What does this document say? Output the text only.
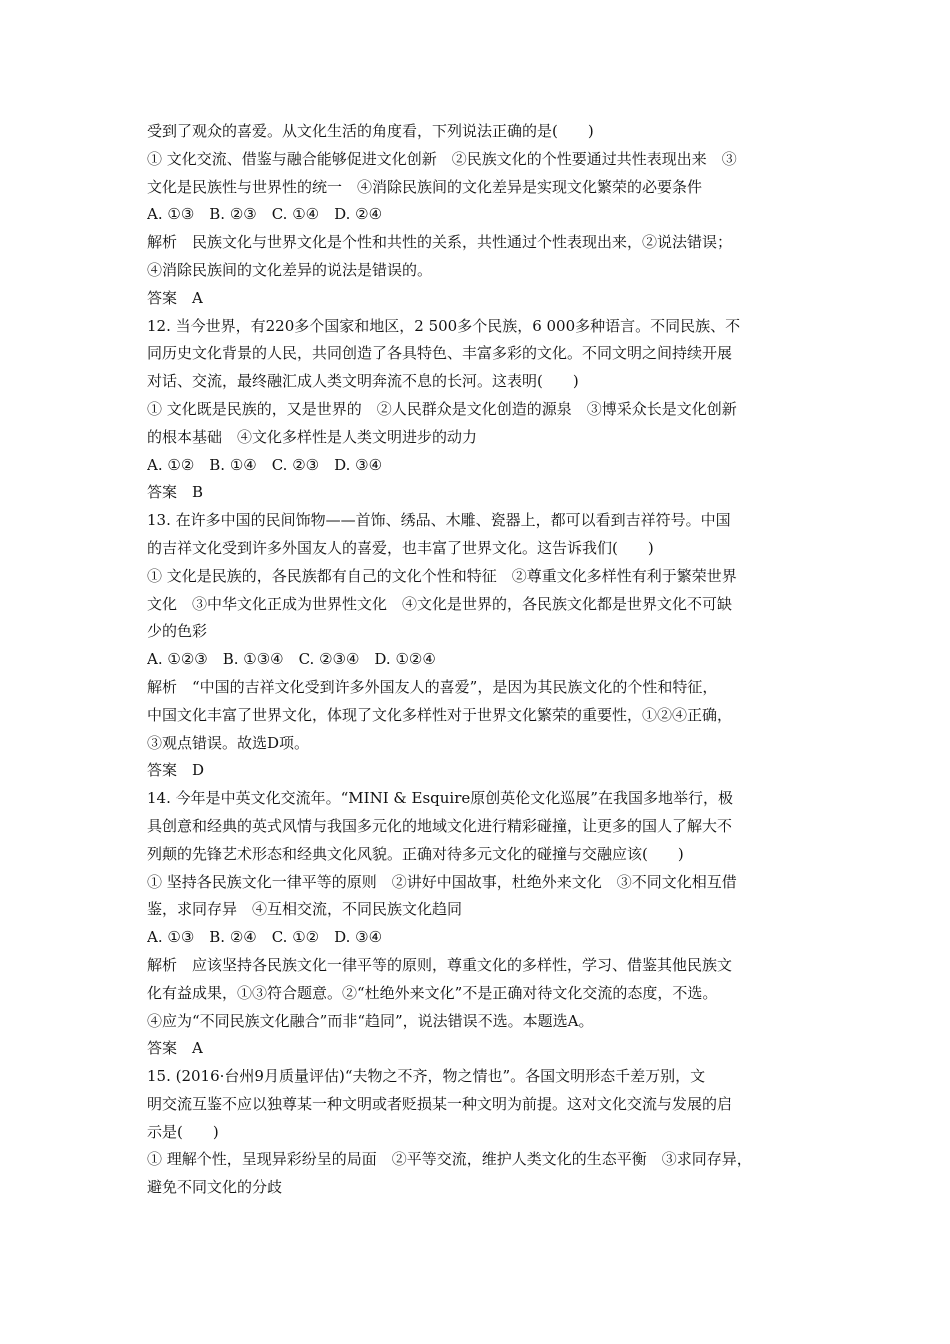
受到了观众的喜爱。从文化生活的角度看，下列说法正确的是(　　)
① 文化交流、借鉴与融合能够促进文化创新　②民族文化的个性要通过共性表现出来　③
文化是民族性与世界性的统一　④消除民族间的文化差异是实现文化繁荣的必要条件
A. ①③　B. ②③　C. ①④　D. ②④
解析　民族文化与世界文化是个性和共性的关系，共性通过个性表现出来，②说法错误；
④消除民族间的文化差异的说法是错误的。
答案　A
12. 当今世界，有220多个国家和地区，2 500多个民族，6 000多种语言。不同民族、不
同历史文化背景的人民，共同创造了各具特色、丰富多彩的文化。不同文明之间持续开展
对话、交流，最终融汇成人类文明奔流不息的长河。这表明(　　)
① 文化既是民族的，又是世界的　②人民群众是文化创造的源泉　③博采众长是文化创新
的根本基础　④文化多样性是人类文明进步的动力
A. ①②　B. ①④　C. ②③　D. ③④
答案　B
13. 在许多中国的民间饰物——首饰、绣品、木雕、瓷器上，都可以看到吉祥符号。中国
的吉祥文化受到许多外国友人的喜爱，也丰富了世界文化。这告诉我们(　　)
① 文化是民族的，各民族都有自己的文化个性和特征　②尊重文化多样性有利于繁荣世界
文化　③中华文化正成为世界性文化　④文化是世界的，各民族文化都是世界文化不可缺
少的色彩
A. ①②③　B. ①③④　C. ②③④　D. ①②④
解析　“中国的吉祥文化受到许多外国友人的喜爱”，是因为其民族文化的个性和特征，
中国文化丰富了世界文化，体现了文化多样性对于世界文化繁荣的重要性，①②④正确，
③观点错误。故选D项。
答案　D
14. 今年是中英文化交流年。“MINI & Esquire原创英伦文化巡展”在我国多地举行，极
具创意和经典的英式风情与我国多元化的地域文化进行精彩碰撞，让更多的国人了解大不
列颠的先锋艺术形态和经典文化风貌。正确对待多元文化的碰撞与交融应该(　　)
① 坚持各民族文化一律平等的原则　②讲好中国故事，杜绝外来文化　③不同文化相互借
鉴，求同存异　④互相交流，不同民族文化趋同
A. ①③　B. ②④　C. ①②　D. ③④
解析　应该坚持各民族文化一律平等的原则，尊重文化的多样性，学习、借鉴其他民族文
化有益成果，①③符合题意。②“杜绝外来文化”不是正确对待文化交流的态度，不选。
④应为“不同民族文化融合”而非“趋同”，说法错误不选。本题选A。
答案　A
15. (2016·台州9月质量评估)“夫物之不齐，物之情也”。各国文明形态千差万别，文
明交流互鉴不应以独尊某一种文明或者贬损某一种文明为前提。这对文化交流与发展的启
示是(　　)
① 理解个性，呈现异彩纷呈的局面　②平等交流，维护人类文化的生态平衡　③求同存异，
避免不同文化的分歧
